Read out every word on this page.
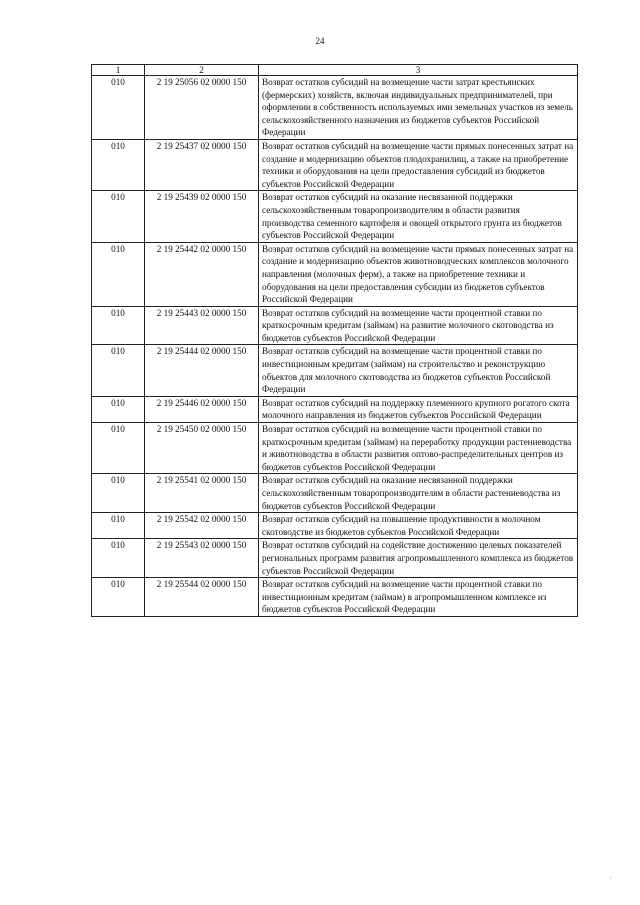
24
1	2	3
010	2 19 25056 02 0000 150	Возврат остатков субсидий на возмещение части затрат крестьянских (фермерских) хозяйств, включая индивидуальных предпринимателей, при оформлении в собственность используемых ими земельных участков из земель сельскохозяйственного назначения из бюджетов субъектов Российской Федерации
010	2 19 25437 02 0000 150	Возврат остатков субсидий на возмещение части прямых понесенных затрат на создание и модернизацию объектов плодохранилищ, а также на приобретение техники и оборудования на цели предоставления субсидий из бюджетов субъектов Российской Федерации
010	2 19 25439 02 0000 150	Возврат остатков субсидий на оказание несвязанной поддержки сельскохозяйственным товаропроизводителям в области развития производства семенного картофеля и овощей открытого грунта из бюджетов субъектов Российской Федерации
010	2 19 25442 02 0000 150	Возврат остатков субсидий на возмещение части прямых понесенных затрат на создание и модернизацию объектов животноводческих комплексов молочного направления (молочных ферм), а также на приобретение техники и оборудования на цели предоставления субсидии из бюджетов субъектов Российской Федерации
010	2 19 25443 02 0000 150	Возврат остатков субсидий на возмещение части процентной ставки по краткосрочным кредитам (займам) на развитие молочного скотоводства из бюджетов субъектов Российской Федерации
010	2 19 25444 02 0000 150	Возврат остатков субсидий на возмещение части процентной ставки по инвестиционным кредитам (займам) на строительство и реконструкцию объектов для молочного скотоводства из бюджетов субъектов Российской Федерации
010	2 19 25446 02 0000 150	Возврат остатков субсидий на поддержку племенного крупного рогатого скота молочного направления из бюджетов субъектов Российской Федерации
010	2 19 25450 02 0000 150	Возврат остатков субсидий на возмещение части процентной ставки по краткосрочным кредитам (займам) на переработку продукции растениеводства и животноводства в области развития оптово-распределительных центров из бюджетов субъектов Российской Федерации
010	2 19 25541 02 0000 150	Возврат остатков субсидий на оказание несвязанной поддержки сельскохозяйственным товаропроизводителям в области растениеводства из бюджетов субъектов Российской Федерации
010	2 19 25542 02 0000 150	Возврат остатков субсидий на повышение продуктивности в молочном скотоводстве из бюджетов субъектов Российской Федерации
010	2 19 25543 02 0000 150	Возврат остатков субсидий на содействие достижению целевых показателей региональных программ развития агропромышленного комплекса из бюджетов субъектов Российской Федерации
010	2 19 25544 02 0000 150	Возврат остатков субсидий на возмещение части процентной ставки по инвестиционным кредитам (займам) в агропромышленном комплексе из бюджетов субъектов Российской Федерации
·
